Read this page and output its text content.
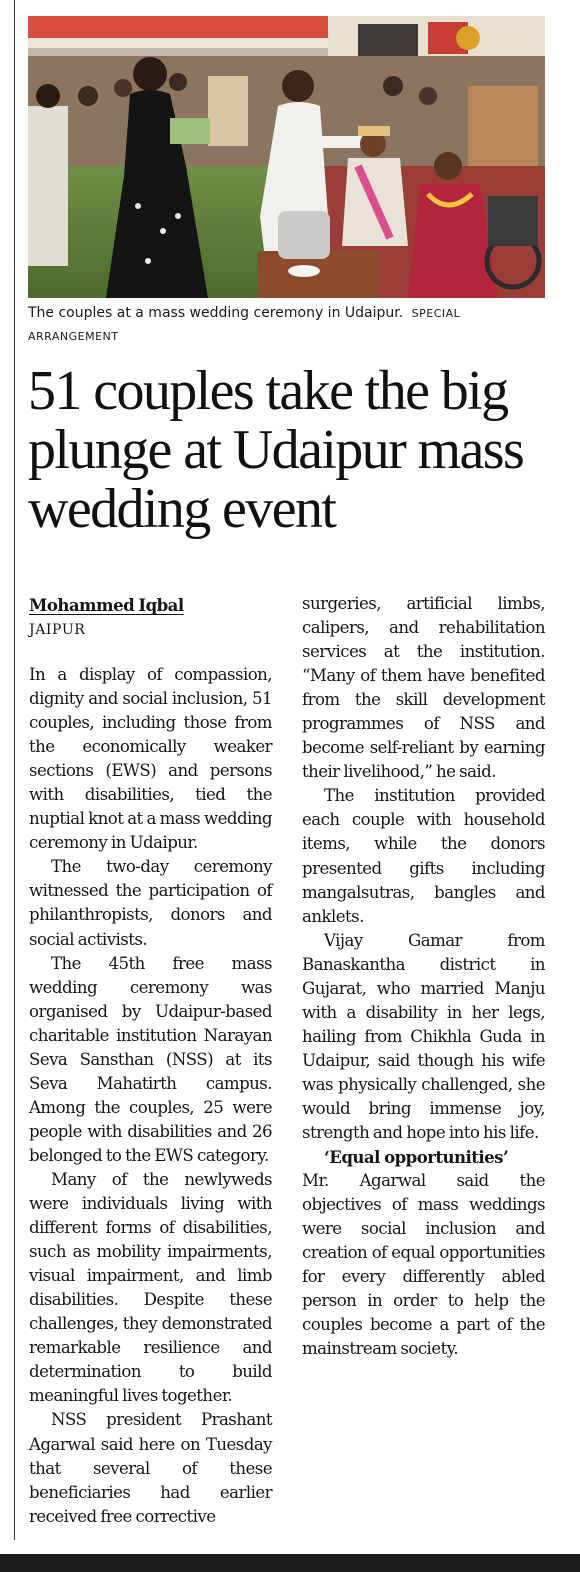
The couples at a mass wedding ceremony in Udaipur. SPECIAL ARRANGEMENT
51 couples take the big plunge at Udaipur mass wedding event
Mohammed Iqbal
JAIPUR

In a display of compassion, dignity and social inclusion, 51 couples, including those from the economically weaker sections (EWS) and persons with disabilities, tied the nuptial knot at a mass wedding ceremony in Udaipur.

The two-day ceremony witnessed the participation of philanthropists, donors and social activists.

The 45th free mass wedding ceremony was organised by Udaipur-based charitable institution Narayan Seva Sansthan (NSS) at its Seva Mahatirth campus. Among the couples, 25 were people with disabilities and 26 belonged to the EWS category.

Many of the newlyweds were individuals living with different forms of disabilities, such as mobility impairments, visual impairment, and limb disabilities. Despite these challenges, they demonstrated remarkable resilience and determination to build meaningful lives together.

NSS president Prashant Agarwal said here on Tuesday that several of these beneficiaries had earlier received free corrective

surgeries, artificial limbs, calipers, and rehabilitation services at the institution. “Many of them have benefited from the skill development programmes of NSS and become self-reliant by earning their livelihood,” he said.

The institution provided each couple with household items, while the donors presented gifts including mangalsutras, bangles and anklets.

Vijay Gamar from Banaskantha district in Gujarat, who married Manju with a disability in her legs, hailing from Chikhla Guda in Udaipur, said though his wife was physically challenged, she would bring immense joy, strength and hope into his life.

‘Equal opportunities’

Mr. Agarwal said the objectives of mass weddings were social inclusion and creation of equal opportunities for every differently abled person in order to help the couples become a part of the mainstream society.
